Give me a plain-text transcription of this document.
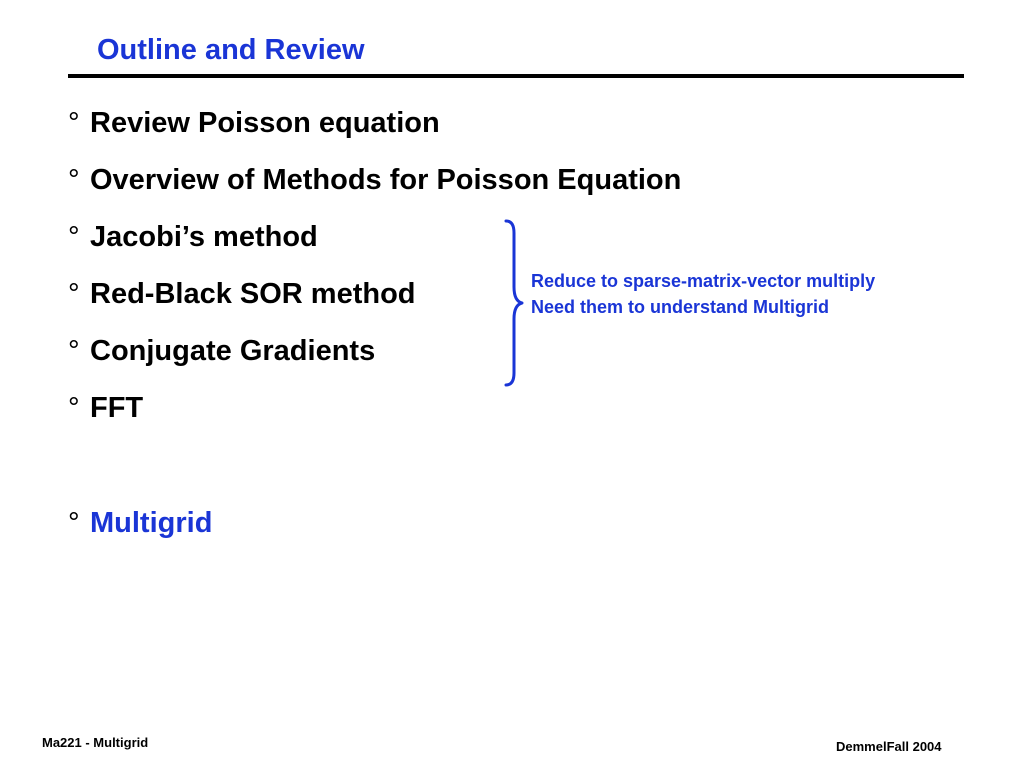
Outline and Review
° Review Poisson equation
° Overview of Methods for Poisson Equation
° Jacobi’s method
° Red-Black SOR method
° Conjugate Gradients
° FFT
° Multigrid
Reduce to sparse-matrix-vector multiply
Need them to understand Multigrid
Ma221 - Multigrid	DemmelFall 2004
